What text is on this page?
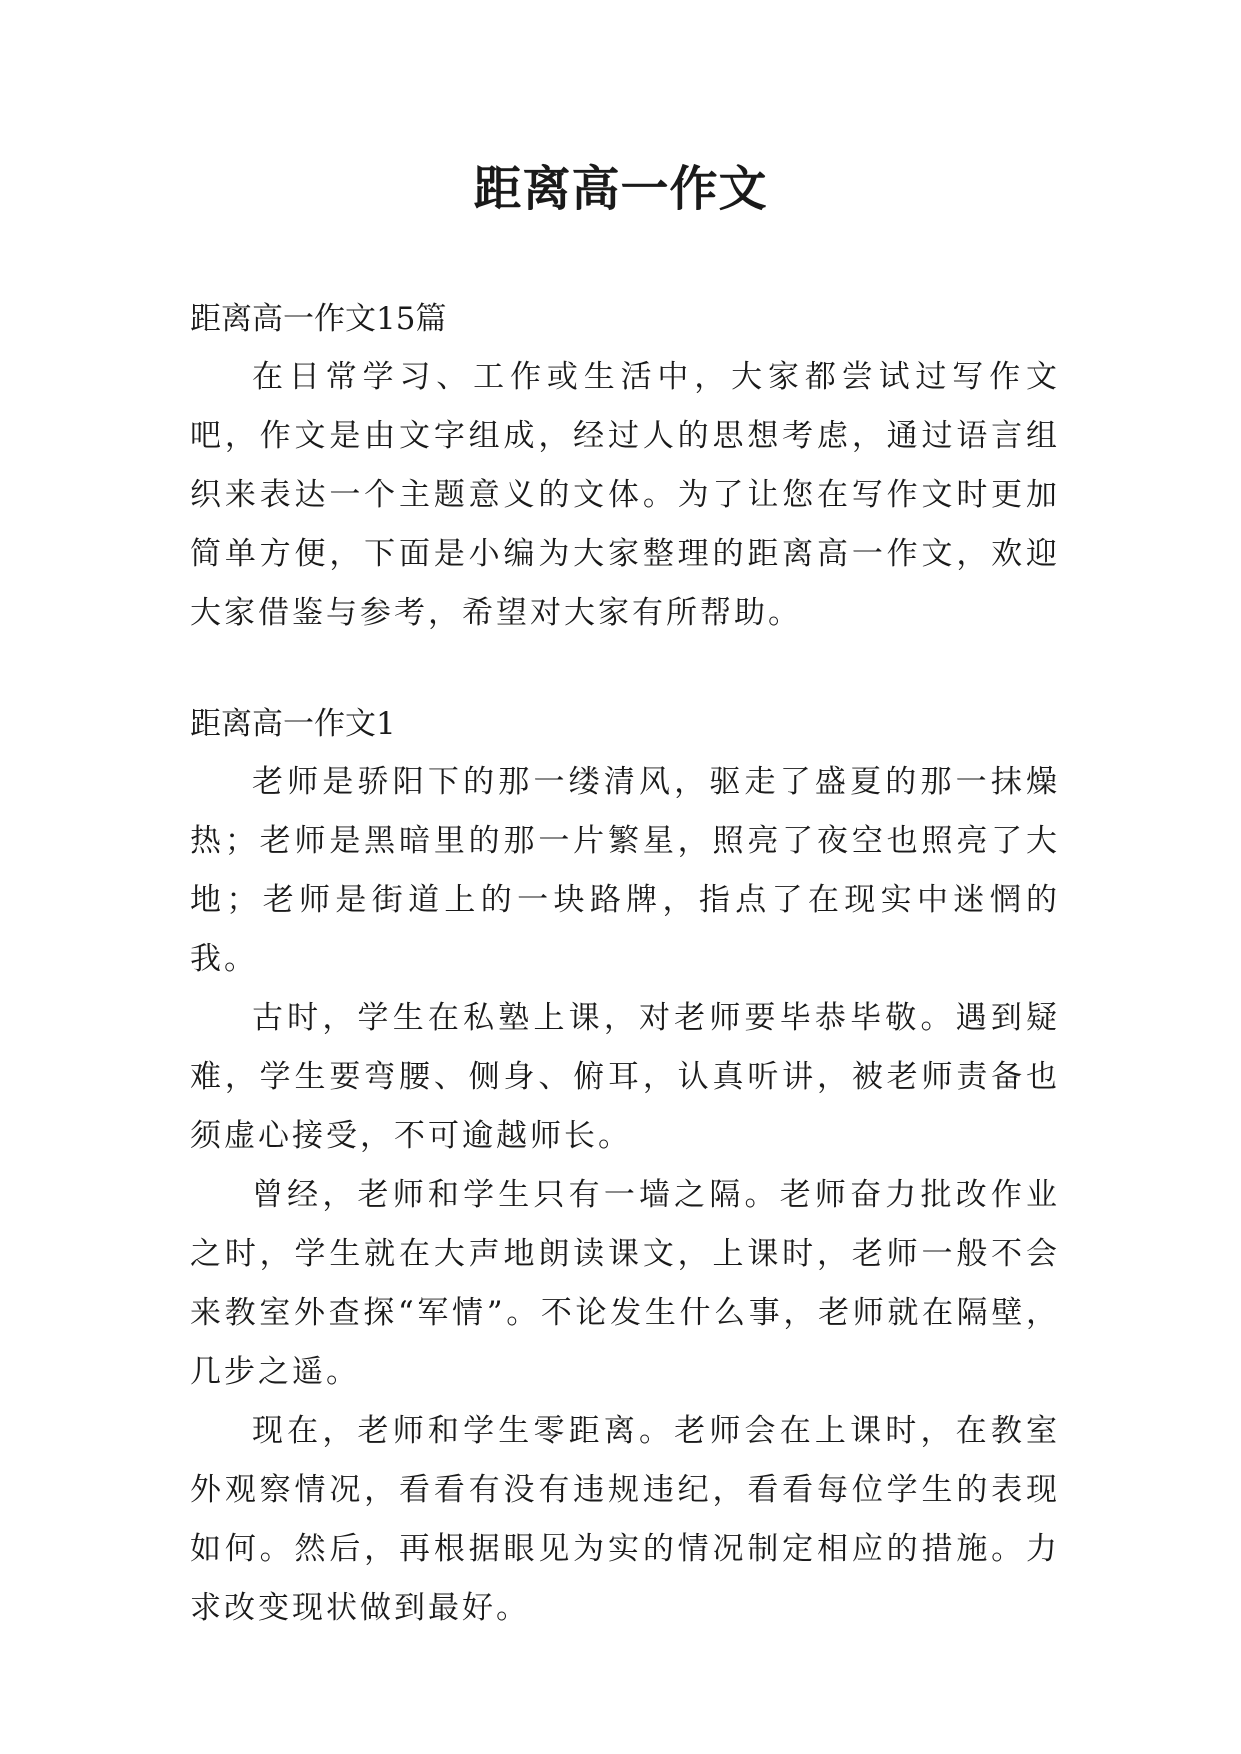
距离高一作文

距离高一作文15篇

在日常学习、工作或生活中，大家都尝试过写作文吧，作文是由文字组成，经过人的思想考虑，通过语言组织来表达一个主题意义的文体。为了让您在写作文时更加简单方便，下面是小编为大家整理的距离高一作文，欢迎大家借鉴与参考，希望对大家有所帮助。

距离高一作文1

老师是骄阳下的那一缕清风，驱走了盛夏的那一抹燥热；老师是黑暗里的那一片繁星，照亮了夜空也照亮了大地；老师是街道上的一块路牌，指点了在现实中迷惘的我。

古时，学生在私塾上课，对老师要毕恭毕敬。遇到疑难，学生要弯腰、侧身、俯耳，认真听讲，被老师责备也须虚心接受，不可逾越师长。

曾经，老师和学生只有一墙之隔。老师奋力批改作业之时，学生就在大声地朗读课文，上课时，老师一般不会来教室外查探“军情”。不论发生什么事，老师就在隔壁，几步之遥。

现在，老师和学生零距离。老师会在上课时，在教室外观察情况，看看有没有违规违纪，看看每位学生的表现如何。然后，再根据眼见为实的情况制定相应的措施。力求改变现状做到最好。
